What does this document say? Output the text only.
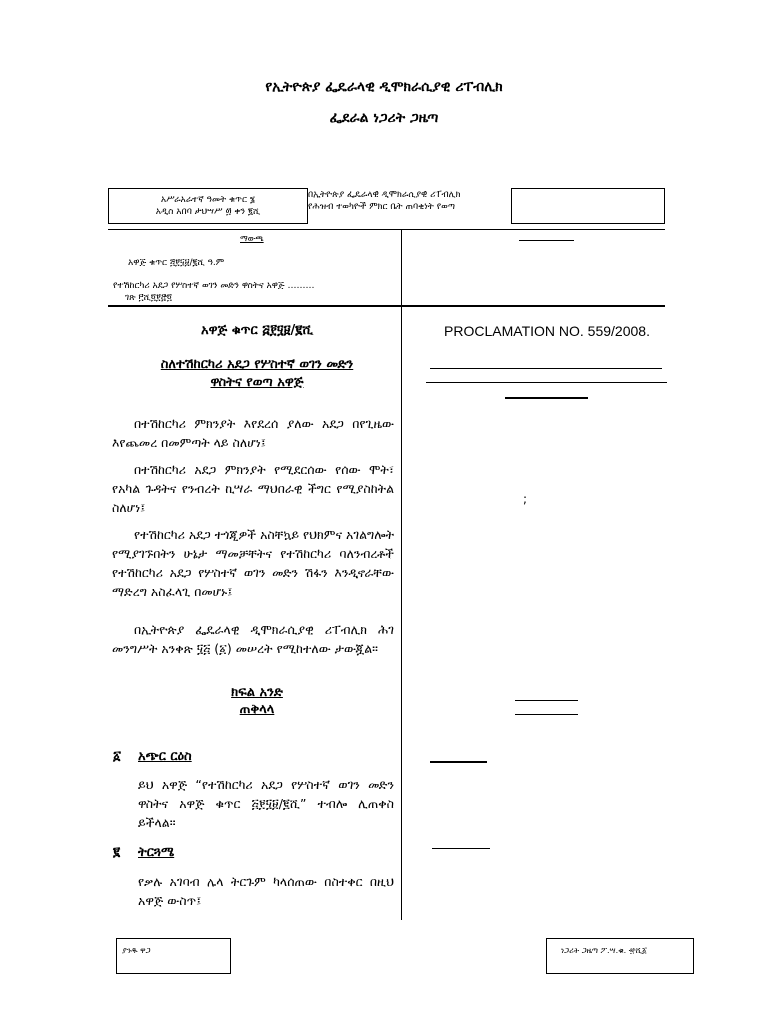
የኢትዮጵያ ፌዴራላዊ ዲሞክራሲያዊ ሪፐብሊክ
ፌደራል ነጋሪት ጋዜጣ
አሥራአራተኛ ዓመት ቁጥር ፮
አዲስ አበባ ታህሣሥ ፴ ቀን ፪ሺ
በኢትዮጵያ ፌዴራላዊ ዲሞክራሲያዊ ሪፐብሊክ
የሕዝብ ተወካዮች ምክር ቤት ጠባቂነት የወጣ
ማውጫ
አዋጅ ቁጥር ፭፻፶፱/፪ሺ ዓ.ም
የተሽከርካሪ አደጋ የሦስተኛ ወገን መድን ዋስትና አዋጅ ………
ገጽ ፫ሺ፬፻፸፬
አዋጅ ቁጥር ፭፻፶፱/፪ሺ
ስለተሽከርካሪ አደጋ የሦስተኛ ወገን መድን
ዋስትና የወጣ አዋጅ
በተሽከርካሪ ምክንያት እየደረሰ ያለው አደጋ በየጊዜው እየጨመረ በመምጣት ላይ ስለሆነ፤
በተሽከርካሪ አደጋ ምክንያት የሚደርሰው የሰው ሞት፣ የአካል ጉዳትና የንብረት ኪሣራ ማህበራዊ ችግር የሚያስከትል ስለሆነ፤
የተሽከርካሪ አደጋ ተጎጂዎች አስቸኳይ የህክምና አገልግሎት የሚያገኙበትን ሁኔታ ማመቻቸትና የተሽከርካሪ ባለንብረቶች የተሽከርካሪ አደጋ የሦስተኛ ወገን መድን ሽፋን እንዲኖራቸው ማድረግ አስፈላጊ በመሆኑ፤
በኢትዮጵያ ፌዴራላዊ ዲሞክራሲያዊ ሪፐብሊክ ሕገ መንግሥት አንቀጽ ፶፭ (፩) መሠረት የሚከተለው ታውጇል።
ክፍል አንድ
ጠቅላላ
፩ አጭር ርዕስ
ይህ አዋጅ “የተሽከርካሪ አደጋ የሦስተኛ ወገን መድን ዋስትና አዋጅ ቁጥር ፭፻፶፱/፪ሺ” ተብሎ ሊጠቀስ ይችላል።
፪ ትርጓሜ
የቃሉ አገባብ ሌላ ትርጉም ካላሰጠው በስተቀር በዚህ አዋጅ ውስጥ፤
PROCLAMATION NO. 559/2008.
;
ያንዱ ዋጋ	ነጋሪት ጋዜጣ ፖ.ሣ.ቁ. ፹ሺ፩
